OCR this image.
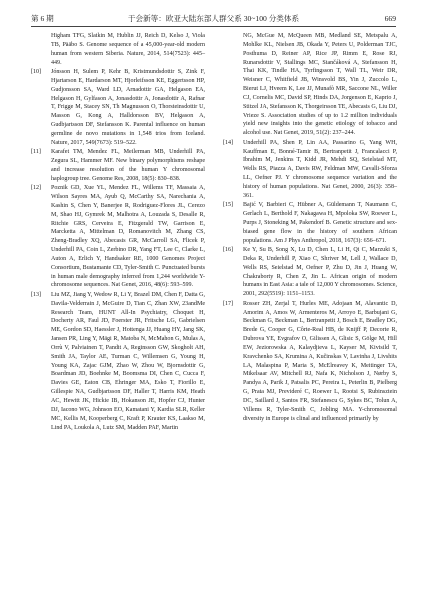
第 6 期	于会新等：欧亚大陆东部人群父系 30~100 分类体系	669
Higham TFG, Slatkin M, Hublin JJ, Reich D, Kelso J, Viola TB, Pääbo S. Genome sequence of a 45,000-year-old modern human from western Siberia. Nature, 2014, 514(7523): 445–449.
[10] Jónsson H, Sulem P, Kehr B, Kristmundsdottir S, Zink F, Hjartarson E, Hardarson MT, Hjorleifsson KE, Eggertsson HP, Gudjonsson SA, Ward LD, Arnadottir GA, Helgason EA, Helgason H, Gylfason A, Jonasdottir A, Jonasdottir A, Rafnar T, Frigge M, Stacey SN, Th Magnusson O, Thorsteinsdottir U, Masson G, Kong A, Halldorsson BV, Helgason A, Gudbjartsson DF, Stefansson K. Parental influence on human germline de novo mutations in 1,548 trios from Iceland. Nature, 2017, 549(7673): 519–522.
[11] Karafet TM, Mendez FL, Meilerman MB, Underhill PA, Zegura SL, Hammer MF. New binary polymorphisms reshape and increase resolution of the human Y chromosomal haplogroup tree. Genome Res, 2008, 18(5): 830–838.
[12] Poznik GD, Xue YL, Mendez FL, Willems TF, Massaia A, Wilson Sayres MA, Ayub Q, McCarthy SA, Narechania A, Kashin S, Chen Y, Banerjee R, Rodriguez-Flores JL, Cerezo M, Shao HJ, Gymrek M, Malhotra A, Louzada S, Desalle R, Ritchie GRS, Cerveira E, Fitzgerald TW, Garrison E, Marcketta A, Mittelman D, Romanovitch M, Zhang CS, Zheng-Bradley XQ, Abecasis GR, McCarroll SA, Flicek P, Underhill PA, Coin L, Zerbino DR, Yang FT, Lee C, Clarke L, Auton A, Erlich Y, Handsaker RE, 1000 Genomes Project Consortium, Bustamante CD, Tyler-Smith C. Punctuated bursts in human male demography inferred from 1,244 worldwide Y-chromosome sequences. Nat Genet, 2016, 48(6): 593–599.
[13] Liu MZ, Jiang Y, Wedow R, Li Y, Brazel DM, Chen F, Datta G, Davila-Velderrain J, McGuire D, Tian C, Zhan XW, 23andMe Research Team, HUNT All-In Psychiatry, Choquet H, Docherty AR, Faul JD, Foerster JR, Fritsche LG, Gabrielsen ME, Gordon SD, Haessler J, Hottenga JJ, Huang HY, Jang SK, Jansen PR, Ling Y, Mägi R, Matoba N, McMahon G, Mulas A, Orrù V, Palviainen T, Pandit A, Reginsson GW, Skogholt AH, Smith JA, Taylor AE, Turman C, Willemsen G, Young H, Young KA, Zajac GJM, Zhao W, Zhou W, Bjornsdottir G, Boardman JD, Boehnke M, Boomsma DI, Chen C, Cucca F, Davies GE, Eaton CB, Ehringer MA, Esko T, Fiorillo E, Gillespie NA, Gudbjartsson DF, Haller T, Harris KM, Heath AC, Hewitt JK, Hickie IB, Hokanson JE, Hopfer CJ, Hunter DJ, Iacono WG, Johnson EO, Kamatani Y, Kardia SLR, Keller MC, Kellis M, Kooperberg C, Kraft P, Krauter KS, Laakso M, Lind PA, Loukola A, Lutz SM, Madden PAF, Martin
NG, McGue M, McQueen MB, Medland SE, Metspalu A, Mohlke KL, Nielsen JB, Okada Y, Peters U, Polderman TJC, Posthuma D, Reiner AP, Rice JP, Rimm E, Rose RJ, Runarsdottir V, Stallings MC, Stančáková A, Stefansson H, Thai KK, Tindle HA, Tyrfingsson T, Wall TL, Weir DR, Weisner C, Whitfield JB, Winsvold BS, Yin J, Zuccolo L, Bierut LJ, Hveem K, Lee JJ, Munafò MR, Saccone NL, Willer CJ, Cornelis MC, David SP, Hinds DA, Jorgenson E, Kaprio J, Stitzel JA, Stefansson K, Thorgeirsson TE, Abecasis G, Liu DJ, Vrieze S. Association studies of up to 1.2 million individuals yield new insights into the genetic etiology of tobacco and alcohol use. Nat Genet, 2019, 51(2): 237–244.
[14] Underhill PA, Shen P, Lin AA, Passarino G, Yang WH, Kauffman E, Bonné-Tamir B, Bertranpetit J, Francalacci P, Ibrahim M, Jenkins T, Kidd JR, Mehdi SQ, Seielstad MT, Wells RS, Piazza A, Davis RW, Feldman MW, Cavalli-Sforza LL, Oefner PJ. Y chromosome sequence variation and the history of human populations. Nat Genet, 2000, 26(3): 358–361.
[15] Bajić V, Barbieri C, Hübner A, Güldemann T, Naumann C, Gerlach L, Berthold F, Nakagawa H, Mpoloka SW, Roewer L, Purps J, Stoneking M, Pakendorf B. Genetic structure and sex-biased gene flow in the history of southern African populations. Am J Phys Anthropol, 2018, 167(3): 656–671.
[16] Ke Y, Su B, Song X, Lu D, Chen L, Li H, Qi C, Marzuki S, Deka R, Underhill P, Xiao C, Shriver M, Lell J, Wallace D, Wells RS, Seielstad M, Oefner P, Zhu D, Jin J, Huang W, Chakraborty R, Chen Z, Jin L. African origin of modern humans in East Asia: a tale of 12,000 Y chromosomes. Science, 2001, 292(5519): 1151–1153.
[17] Rosser ZH, Zerjal T, Hurles ME, Adojaan M, Alavantic D, Amorim A, Amos W, Armenteros M, Arroyo E, Barbujani G, Beckman G, Beckman L, Bertranpetit J, Bosch E, Bradley DG, Brede G, Cooper G, Côrte-Real HB, de Knijff P, Decorte R, Dubrova YE, Evgrafov O, Gilissen A, Glisic S, Gölge M, Hill EW, Jeziorowska A, Kalaydjieva L, Kayser M, Kivisild T, Kravchenko SA, Krumina A, Kučinskas V, Lavinha J, Livshits LA, Malaspina P, Maria S, McElreavey K, Meitinger TA, Mikelsaar AV, Mitchell RJ, Nafa K, Nicholson J, Nørby S, Pandya A, Parik J, Patsalis PC, Pereira L, Peterlin B, Pielberg G, Prata MJ, Previderé C, Roewer L, Rootsi S, Rubinsztein DC, Saillard J, Santos FR, Stefanescu G, Sykes BC, Tolun A, Villems R, Tyler-Smith C, Jobling MA. Y-chromosomal diversity in Europe is clinal and influenced primarily by
